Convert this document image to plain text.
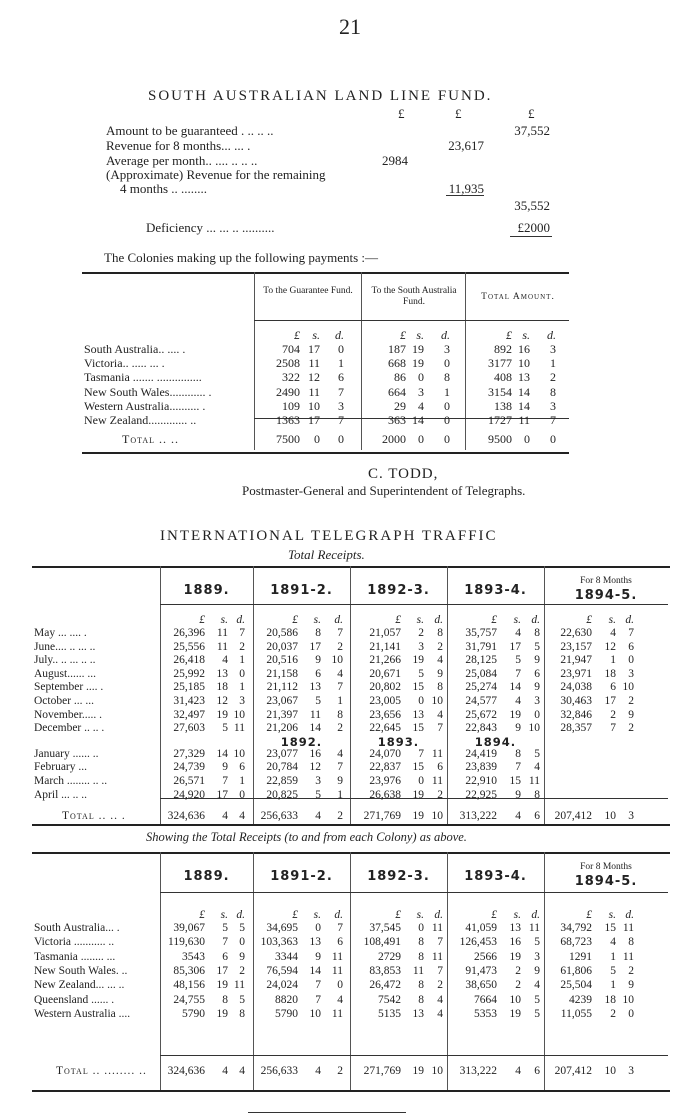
21
SOUTH AUSTRALIAN LAND LINE FUND.
£	£	£
Amount to be guaranteed . .. .. ..	37,552
Revenue for 8 months... ... .	23,617
Average per month.. .... .. .. ..	2984
(Approximate) Revenue for the remaining
4 months .. ........	11,935
35,552
Deficiency ... ... .. ..........	£2000
The Colonies making up the following payments :—
To the Guarantee Fund.	To the South Australia Fund.	Total Amount.
£	s.	d.	£ s.	d.	£ s.	d.
South Australia.. .... .	704 17	0	187 19	3	892 16	3
Victoria.. ..... ... .	2508 11	1	668 19	0	3177 10	1
Tasmania ....... ...............	322 12	6	86	0	8	408 13	2
New South Wales............ .	2490 11	7	664	3	1	3154 14	8
Western Australia.......... .	109 10	3	29	4	0	138 14	3
New Zealand............. ..	1363 17	7	363 14	0	1727 11	7
Total .. ..	7500	0	0	2000	0	0	9500	0	0
C. TODD,
Postmaster-General and Superintendent of Telegraphs.
INTERNATIONAL TELEGRAPH TRAFFIC
Total Receipts.
1889.	1891-2.	1892-3.	1893-4.	1894-5.
For 8 Months
£	s. d.	£	s.	d.	£	s. d.	£	s. d.	£	s. d.
May ... .... .	26,396	11 7	20,586	8	7	21,057	2	8	35,757	4	8	22,630	4	7
June.... .. ... ..	25,556	11 2	20,037	17	2	21,141	3	2	31,791	17	5	23,157	12	6
July.. .. ... .. ..	26,418	4 1	20,516	9 10	21,266	19	4	28,125	5	9	21,947	1	0
August...... ...	25,992	13 0	21,158	6	4	20,671	5	9	25,084	7	6	23,971	18	3
September .... .	25,185	18 1	21,112	13	7	20,802	15	8	25,274	14	9	24,038	6 10
October ... ...	31,423	12 3	23,067	5	1	23,005	0 10	24,577	4	3	30,463	17	2
November..... .	32,497	19 10	21,397	11	8	23,656	13	4	25,672	19	0	32,846	2	9
December .. .. .	27,603	5 11	21,206	14	2	22,645	15	7	22,843	9 10	28,357	7	2
1892.	1893.	1894.
January ...... ..	27,329	14 10	23,077	16	4	24,070	7 11	24,419	8	5
February ...	24,739	9 6	20,784	12	7	22,837	15	6	23,839	7	4
March ........ .. ..	26,571	7 1	22,859	3	9	23,976	0 11	22,910	15 11
April ... .. ..	24,920	17 0	20,825	5	1	26,638	19	2	22,925	9	8
Total .. .. .	324,636	4 4	256,633	4	2	271,769	19 10	313,222	4	6	207,412	10	3
Showing the Total Receipts (to and from each Colony) as above.
1889.	1891-2.	1892-3.	1893-4.	1894-5.
For 8 Months
£	s. d.	£	s.	d.	£	s. d.	£	s. d.	£	s. d.
South Australia... .	39,067	5 5	34,695	0	7	37,545	0 11	41,059	13 11	34,792	15 11
Victoria ........... ..	119,630	7 0	103,363	13	6	108,491	8	7	126,453	16	5	68,723	4	8
Tasmania ........ ...	3543	6 9	3344	9 11	2729	8 11	2566	19	3	1291	1 11
New South Wales. ..	85,306	17 2	76,594	14 11	83,853	11	7	91,473	2	9	61,806	5	2
New Zealand... ... ..	48,156	19 11	24,024	7	0	26,472	8	2	38,650	2	4	25,504	1	9
Queensland ...... .	24,755	8 5	8820	7	4	7542	8	4	7664	10	5	4239	18 10
Western Australia ....	5790	19 8	5790	10 11	5135	13	4	5353	19	5	11,055	2	0
Total .. ........ ..	324,636	4 4	256,633	4	2	271,769	19 10	313,222	4	6	207,412	10	3
